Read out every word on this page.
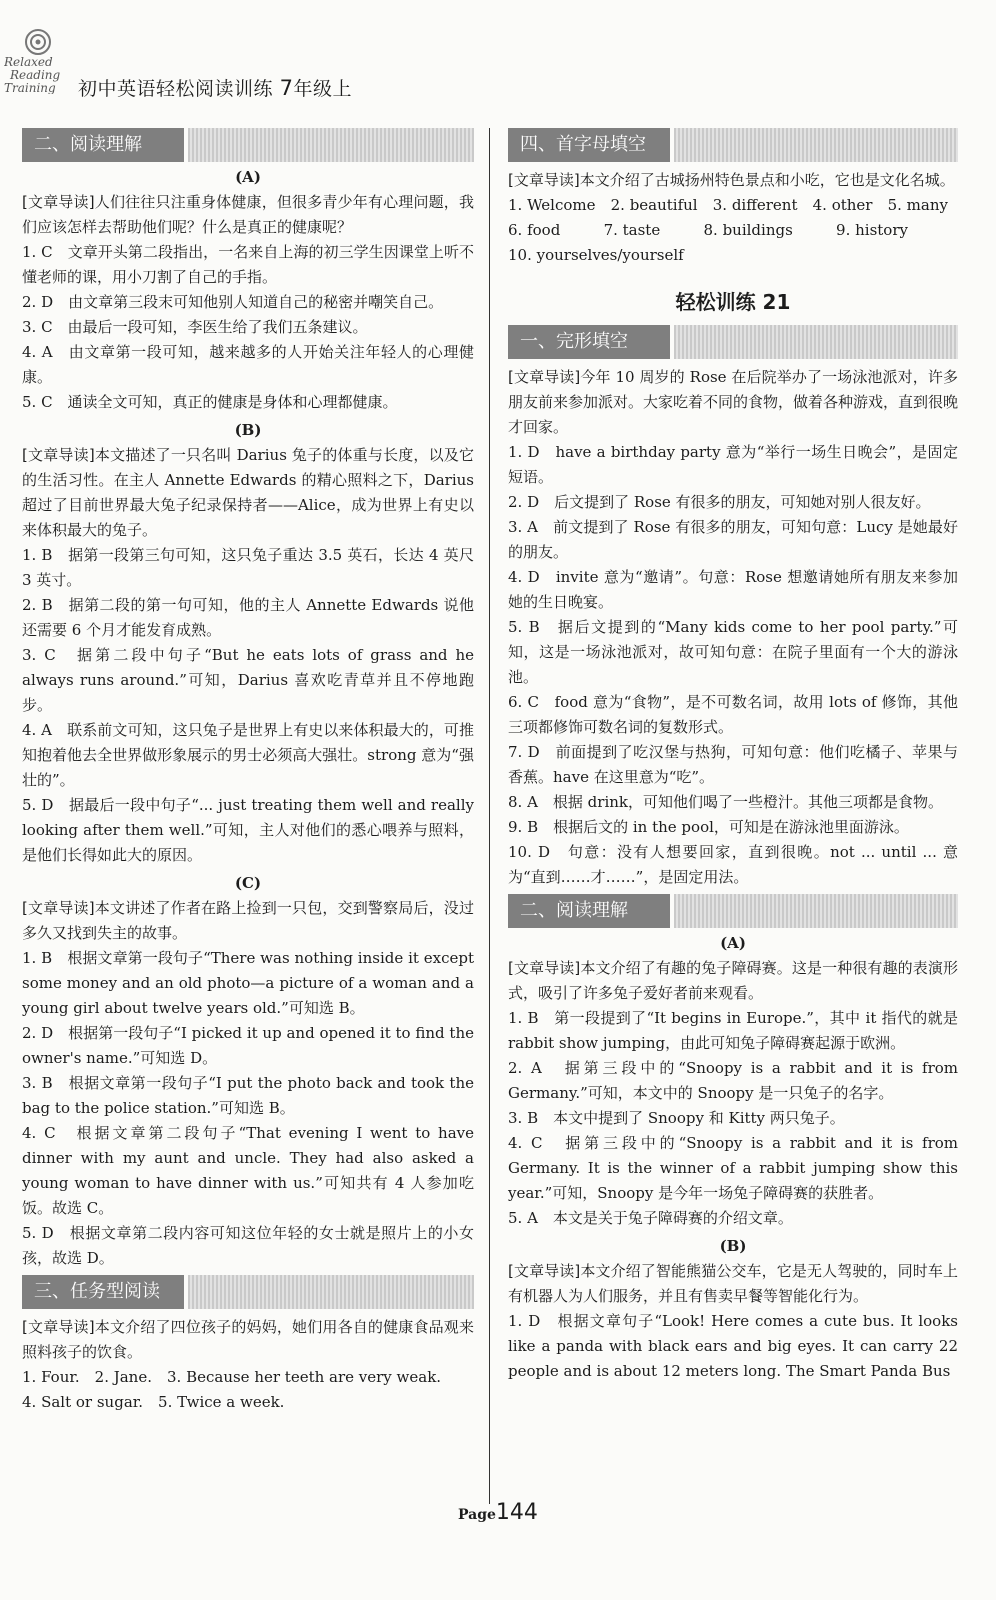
Relaxed
Reading
Training 初中英语轻松阅读训练 7年级上
二、阅读理解
(A)
[文章导读]人们往往只注重身体健康，但很多青少年有心理问题，我们应该怎样去帮助他们呢？什么是真正的健康呢？
1. C　文章开头第二段指出，一名来自上海的初三学生因课堂上听不懂老师的课，用小刀割了自己的手指。
2. D　由文章第三段末可知他别人知道自己的秘密并嘲笑自己。
3. C　由最后一段可知，李医生给了我们五条建议。
4. A　由文章第一段可知，越来越多的人开始关注年轻人的心理健康。
5. C　通读全文可知，真正的健康是身体和心理都健康。
(B)
[文章导读]本文描述了一只名叫 Darius 兔子的体重与长度，以及它的生活习性。在主人 Annette Edwards 的精心照料之下，Darius 超过了目前世界最大兔子纪录保持者——Alice，成为世界上有史以来体积最大的兔子。
1. B　据第一段第三句可知，这只兔子重达 3.5 英石，长达 4 英尺 3 英寸。
2. B　据第二段的第一句可知，他的主人 Annette Edwards 说他还需要 6 个月才能发育成熟。
3. C　据第二段中句子“But he eats lots of grass and he always runs around.”可知，Darius 喜欢吃青草并且不停地跑步。
4. A　联系前文可知，这只兔子是世界上有史以来体积最大的，可推知抱着他去全世界做形象展示的男士必须高大强壮。strong 意为“强壮的”。
5. D　据最后一段中句子“... just treating them well and really looking after them well.”可知，主人对他们的悉心喂养与照料，是他们长得如此大的原因。
(C)
[文章导读]本文讲述了作者在路上捡到一只包，交到警察局后，没过多久又找到失主的故事。
1. B　根据文章第一段句子“There was nothing inside it except some money and an old photo—a picture of a woman and a young girl about twelve years old.”可知选 B。
2. D　根据第一段句子“I picked it up and opened it to find the owner's name.”可知选 D。
3. B　根据文章第一段句子“I put the photo back and took the bag to the police station.”可知选 B。
4. C　根据文章第二段句子“That evening I went to have dinner with my aunt and uncle. They had also asked a young woman to have dinner with us.”可知共有 4 人参加吃饭。故选 C。
5. D　根据文章第二段内容可知这位年轻的女士就是照片上的小女孩，故选 D。
三、任务型阅读
[文章导读]本文介绍了四位孩子的妈妈，她们用各自的健康食品观来照料孩子的饮食。
1. Four.　2. Jane.　3. Because her teeth are very weak.
4. Salt or sugar.　5. Twice a week.
四、首字母填空
[文章导读]本文介绍了古城扬州特色景点和小吃，它也是文化名城。
1. Welcome 2. beautiful 3. different 4. other 5. many
6. food	7. taste	8. buildings	9. history
10. yourselves/yourself
轻松训练 21
一、完形填空
[文章导读]今年 10 周岁的 Rose 在后院举办了一场泳池派对，许多朋友前来参加派对。大家吃着不同的食物，做着各种游戏，直到很晚才回家。
1. D　have a birthday party 意为“举行一场生日晚会”，是固定短语。
2. D　后文提到了 Rose 有很多的朋友，可知她对别人很友好。
3. A　前文提到了 Rose 有很多的朋友，可知句意：Lucy 是她最好的朋友。
4. D　invite 意为“邀请”。句意：Rose 想邀请她所有朋友来参加她的生日晚宴。
5. B　据后文提到的“Many kids come to her pool party.”可知，这是一场泳池派对，故可知句意：在院子里面有一个大的游泳池。
6. C　food 意为“食物”，是不可数名词，故用 lots of 修饰，其他三项都修饰可数名词的复数形式。
7. D　前面提到了吃汉堡与热狗，可知句意：他们吃橘子、苹果与香蕉。have 在这里意为“吃”。
8. A　根据 drink，可知他们喝了一些橙汁。其他三项都是食物。
9. B　根据后文的 in the pool，可知是在游泳池里面游泳。
10. D　句意：没有人想要回家，直到很晚。not ... until ... 意为“直到……才……”，是固定用法。
二、阅读理解
(A)
[文章导读]本文介绍了有趣的兔子障碍赛。这是一种很有趣的表演形式，吸引了许多兔子爱好者前来观看。
1. B　第一段提到了“It begins in Europe.”，其中 it 指代的就是 rabbit show jumping，由此可知兔子障碍赛起源于欧洲。
2. A　据第三段中的“Snoopy is a rabbit and it is from Germany.”可知，本文中的 Snoopy 是一只兔子的名字。
3. B　本文中提到了 Snoopy 和 Kitty 两只兔子。
4. C　据第三段中的“Snoopy is a rabbit and it is from Germany. It is the winner of a rabbit jumping show this year.”可知，Snoopy 是今年一场兔子障碍赛的获胜者。
5. A　本文是关于兔子障碍赛的介绍文章。
(B)
[文章导读]本文介绍了智能熊猫公交车，它是无人驾驶的，同时车上有机器人为人们服务，并且有售卖早餐等智能化行为。
1. D　根据文章句子“Look! Here comes a cute bus. It looks like a panda with black ears and big eyes. It can carry 22 people and is about 12 meters long. The Smart Panda Bus
Page144
